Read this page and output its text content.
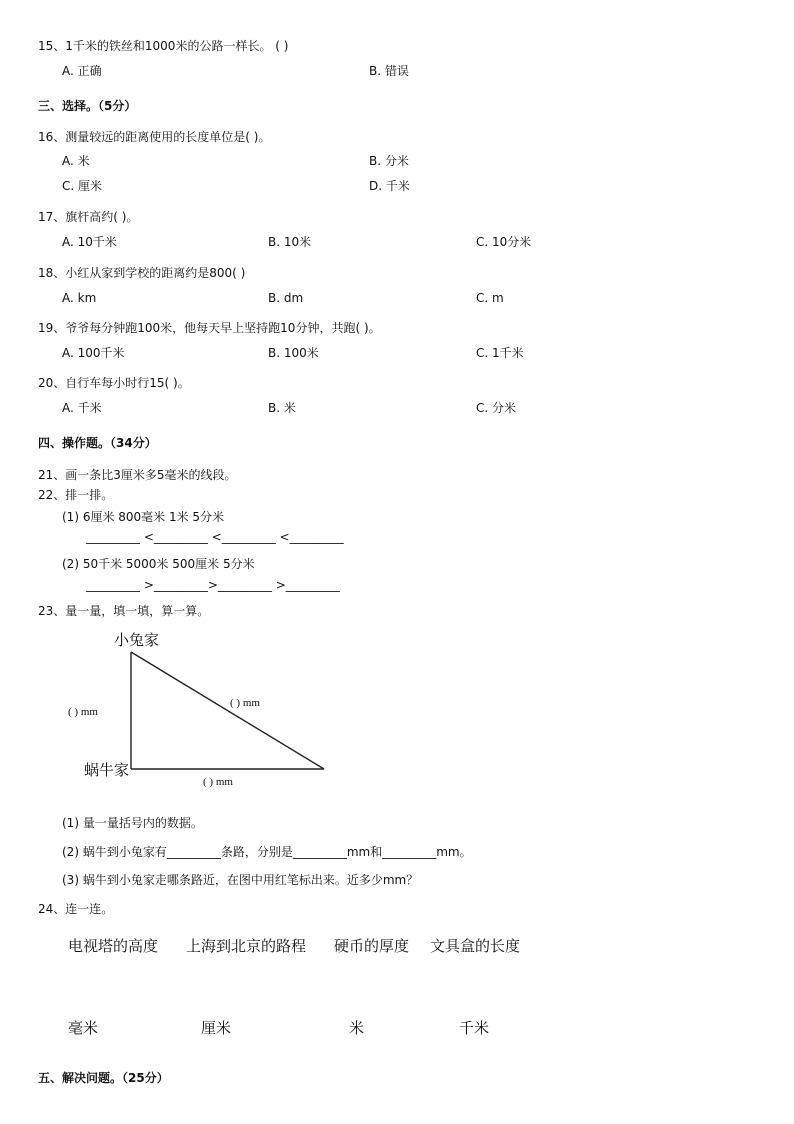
15、1千米的铁丝和1000米的公路一样长。 ( )
A. 正确	B. 错误
三、选择。（5分）
16、测量较远的距离使用的长度单位是( )。
A. 米	B. 分米
C. 厘米	D. 千米
17、旗杆高约( )。
A. 10千米	B. 10米	C. 10分米
18、小红从家到学校的距离约是800( )
A. km	B. dm	C. m
19、爷爷每分钟跑100米，他每天早上坚持跑10分钟，共跑( )。
A. 100千米	B. 100米	C. 1千米
20、自行车每小时行15( )。
A. 千米	B. 米	C. 分米
四、操作题。（34分）
21、画一条比3厘米多5毫米的线段。
22、排一排。
(1) 6厘米 800毫米 1米 5分米
_________ <_________ <_________ <_________
(2) 50千米 5000米 500厘米 5分米
_________ >_________>_________ >_________
23、量一量，填一填，算一算。
小兔家
蜗牛家
( ) mm
( ) mm
( ) mm
(1) 量一量括号内的数据。
(2) 蜗牛到小兔家有_________条路，分别是_________mm和_________mm。
(3) 蜗牛到小兔家走哪条路近，在图中用红笔标出来。近多少mm？
24、连一连。
电视塔的高度 上海到北京的路程 硬币的厚度 文具盒的长度
毫米	厘米	米	千米
五、解决问题。（25分）
